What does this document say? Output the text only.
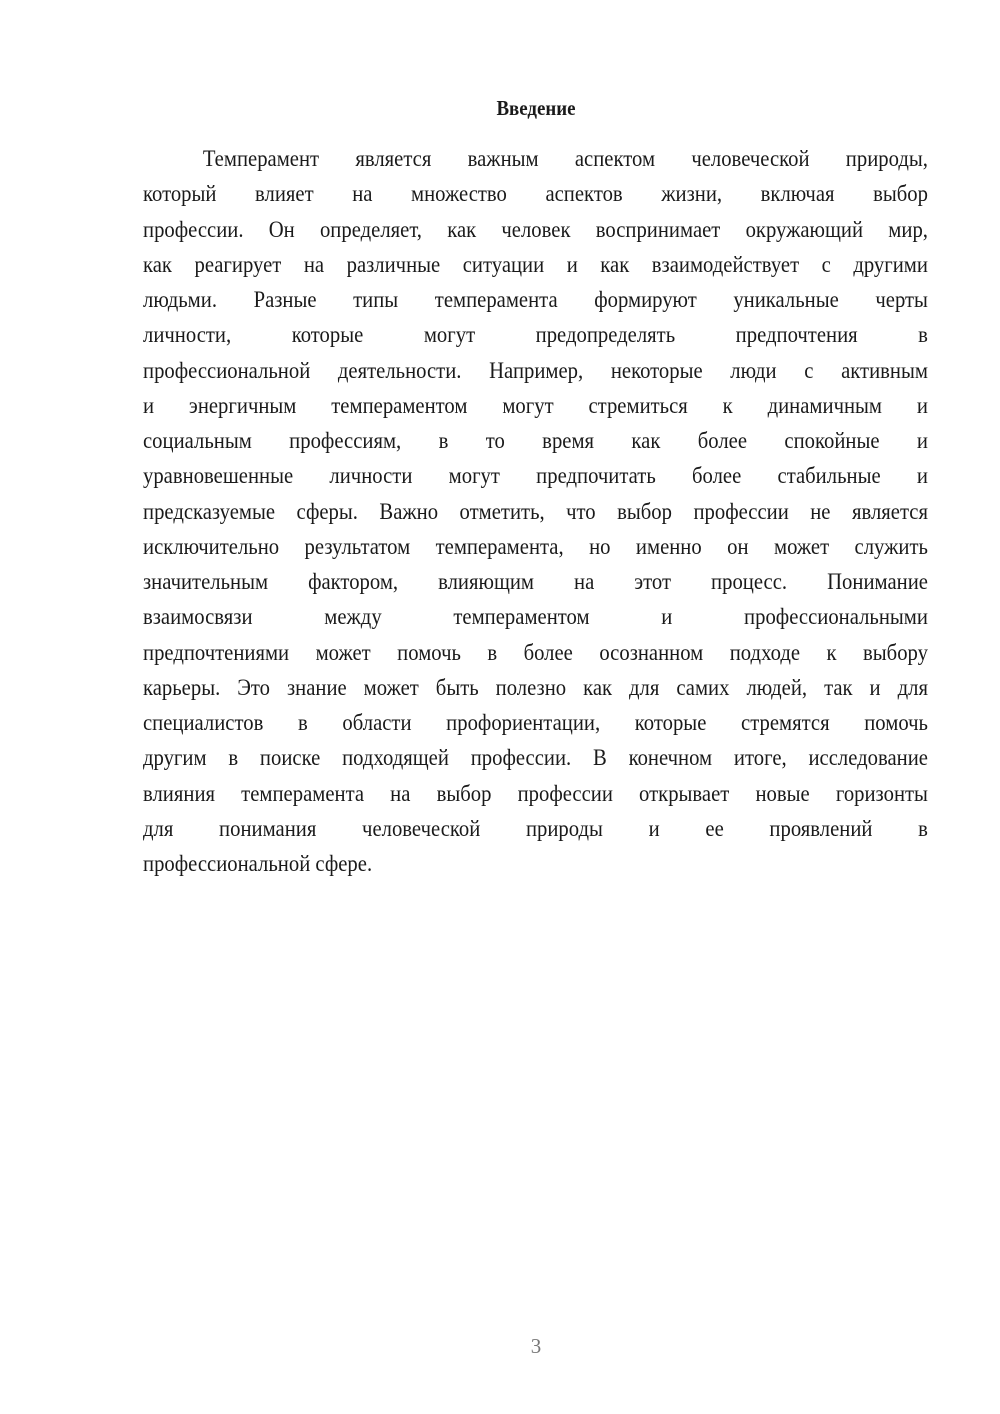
Введение
Темперамент является важным аспектом человеческой природы,
который влияет на множество аспектов жизни, включая выбор
профессии. Он определяет, как человек воспринимает окружающий мир,
как реагирует на различные ситуации и как взаимодействует с другими
людьми. Разные типы темперамента формируют уникальные черты
личности, которые могут предопределять предпочтения в
профессиональной деятельности. Например, некоторые люди с активным
и энергичным темпераментом могут стремиться к динамичным и
социальным профессиям, в то время как более спокойные и
уравновешенные личности могут предпочитать более стабильные и
предсказуемые сферы. Важно отметить, что выбор профессии не является
исключительно результатом темперамента, но именно он может служить
значительным фактором, влияющим на этот процесс. Понимание
взаимосвязи между темпераментом и профессиональными
предпочтениями может помочь в более осознанном подходе к выбору
карьеры. Это знание может быть полезно как для самих людей, так и для
специалистов в области профориентации, которые стремятся помочь
другим в поиске подходящей профессии. В конечном итоге, исследование
влияния темперамента на выбор профессии открывает новые горизонты
для понимания человеческой природы и ее проявлений в
профессиональной сфере.
3
